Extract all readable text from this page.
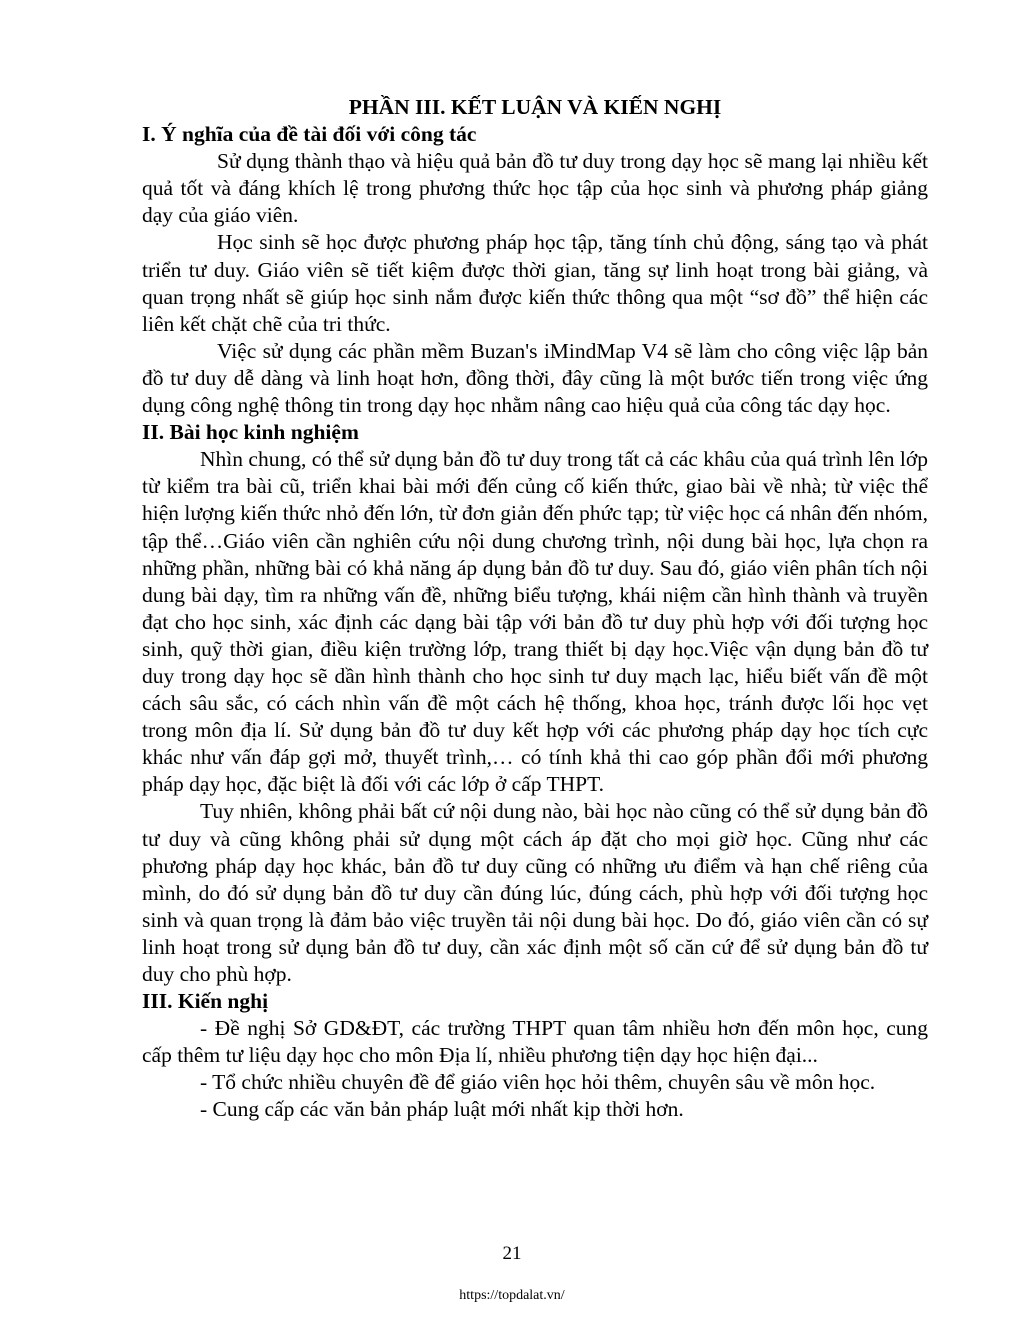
PHẦN III. KẾT LUẬN VÀ KIẾN NGHỊ

I. Ý nghĩa của đề tài đối với công tác

Sử dụng thành thạo và hiệu quả bản đồ tư duy trong dạy học sẽ mang lại nhiều kết quả tốt và đáng khích lệ trong phương thức học tập của học sinh và phương pháp giảng dạy của giáo viên.

Học sinh sẽ học được phương pháp học tập, tăng tính chủ động, sáng tạo và phát triển tư duy. Giáo viên sẽ tiết kiệm được thời gian, tăng sự linh hoạt trong bài giảng, và quan trọng nhất sẽ giúp học sinh nắm được kiến thức thông qua một “sơ đồ” thể hiện các liên kết chặt chẽ của tri thức.

Việc sử dụng các phần mềm Buzan's iMindMap V4 sẽ làm cho công việc lập bản đồ tư duy dễ dàng và linh hoạt hơn, đồng thời, đây cũng là một bước tiến trong việc ứng dụng công nghệ thông tin trong dạy học nhằm nâng cao hiệu quả của công tác dạy học.

II. Bài học kinh nghiệm

Nhìn chung, có thể sử dụng bản đồ tư duy trong tất cả các khâu của quá trình lên lớp từ kiểm tra bài cũ, triển khai bài mới đến củng cố kiến thức, giao bài về nhà; từ việc thể hiện lượng kiến thức nhỏ đến lớn, từ đơn giản đến phức tạp; từ việc học cá nhân đến nhóm, tập thể…Giáo viên cần nghiên cứu nội dung chương trình, nội dung bài học, lựa chọn ra những phần, những bài có khả năng áp dụng bản đồ tư duy. Sau đó, giáo viên phân tích nội dung bài dạy, tìm ra những vấn đề, những biểu tượng, khái niệm cần hình thành và truyền đạt cho học sinh, xác định các dạng bài tập với bản đồ tư duy phù hợp với đối tượng học sinh, quỹ thời gian, điều kiện trường lớp, trang thiết bị dạy học.Việc vận dụng bản đồ tư duy trong dạy học sẽ dần hình thành cho học sinh tư duy mạch lạc, hiểu biết vấn đề một cách sâu sắc, có cách nhìn vấn đề một cách hệ thống, khoa học, tránh được lối học vẹt trong môn địa lí. Sử dụng bản đồ tư duy kết hợp với các phương pháp dạy học tích cực khác như vấn đáp gợi mở, thuyết trình,… có tính khả thi cao góp phần đổi mới phương pháp dạy học, đặc biệt là đối với các lớp ở cấp THPT.

Tuy nhiên, không phải bất cứ nội dung nào, bài học nào cũng có thể sử dụng bản đồ tư duy và cũng không phải sử dụng một cách áp đặt cho mọi giờ học. Cũng như các phương pháp dạy học khác, bản đồ tư duy cũng có những ưu điểm và hạn chế riêng của mình, do đó sử dụng bản đồ tư duy cần đúng lúc, đúng cách, phù hợp với đối tượng học sinh và quan trọng là đảm bảo việc truyền tải nội dung bài học. Do đó, giáo viên cần có sự linh hoạt trong sử dụng bản đồ tư duy, cần xác định một số căn cứ để sử dụng bản đồ tư duy cho phù hợp.

III. Kiến nghị

- Đề nghị Sở GD&ĐT, các trường THPT quan tâm nhiều hơn đến môn học, cung cấp thêm tư liệu dạy học cho môn Địa lí, nhiều phương tiện dạy học hiện đại...

- Tổ chức nhiều chuyên đề để giáo viên học hỏi thêm, chuyên sâu về môn học.

- Cung cấp các văn bản pháp luật mới nhất kịp thời hơn.

21
https://topdalat.vn/
